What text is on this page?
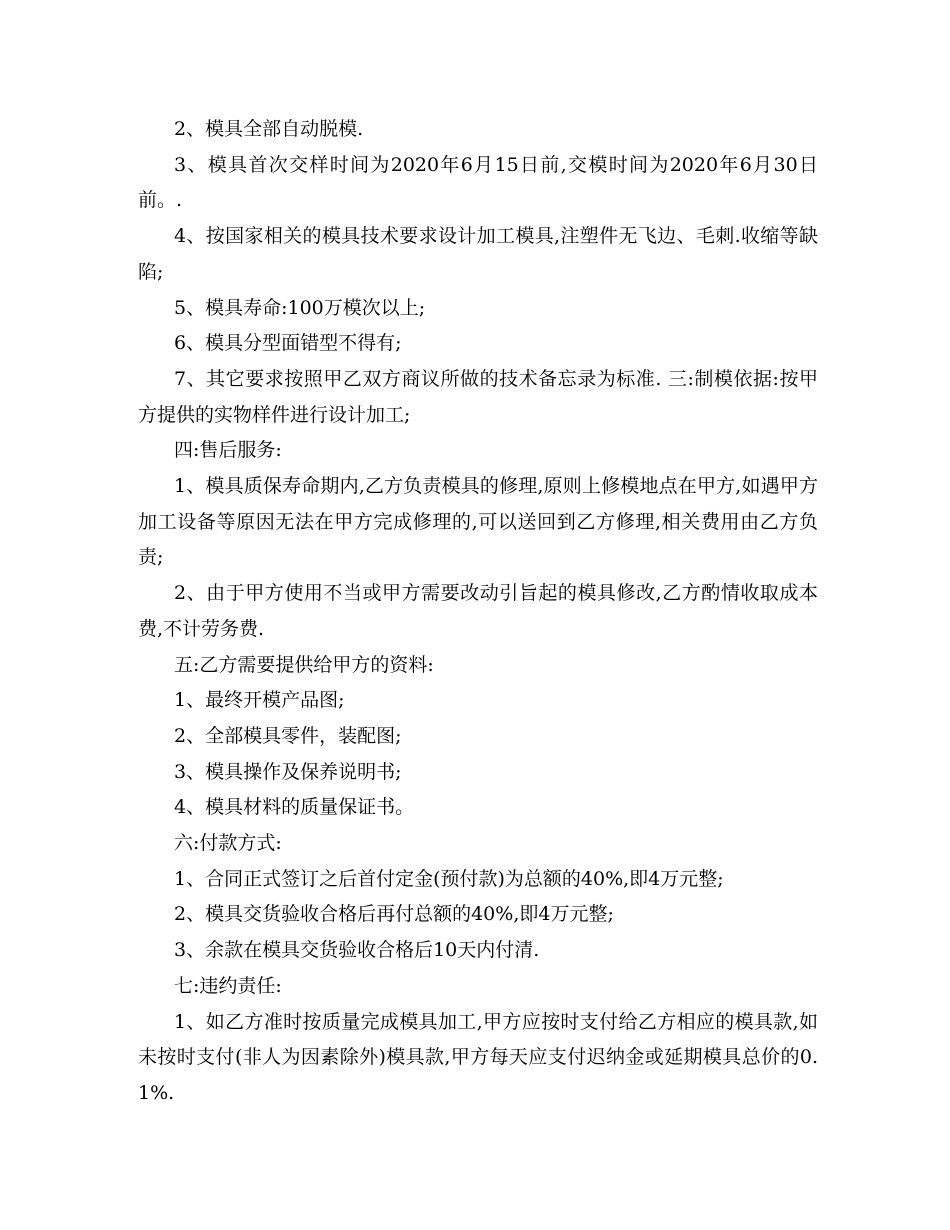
2、模具全部自动脱模.

3、模具首次交样时间为2020年6月15日前,交模时间为2020年6月30日前。.

4、按国家相关的模具技术要求设计加工模具,注塑件无飞边、毛刺.收缩等缺陷;

5、模具寿命:100万模次以上;

6、模具分型面错型不得有;

7、其它要求按照甲乙双方商议所做的技术备忘录为标准. 三:制模依据:按甲方提供的实物样件进行设计加工;

四:售后服务:

1、模具质保寿命期内,乙方负责模具的修理,原则上修模地点在甲方,如遇甲方加工设备等原因无法在甲方完成修理的,可以送回到乙方修理,相关费用由乙方负责;

2、由于甲方使用不当或甲方需要改动引旨起的模具修改,乙方酌情收取成本费,不计劳务费.

五:乙方需要提供给甲方的资料:

1、最终开模产品图;

2、全部模具零件，装配图;

3、模具操作及保养说明书;

4、模具材料的质量保证书。

六:付款方式:

1、合同正式签订之后首付定金(预付款)为总额的40%,即4万元整;

2、模具交货验收合格后再付总额的40%,即4万元整;

3、余款在模具交货验收合格后10天内付清.

七:违约责任:

1、如乙方准时按质量完成模具加工,甲方应按时支付给乙方相应的模具款,如未按时支付(非人为因素除外)模具款,甲方每天应支付迟纳金或延期模具总价的0.1%.
